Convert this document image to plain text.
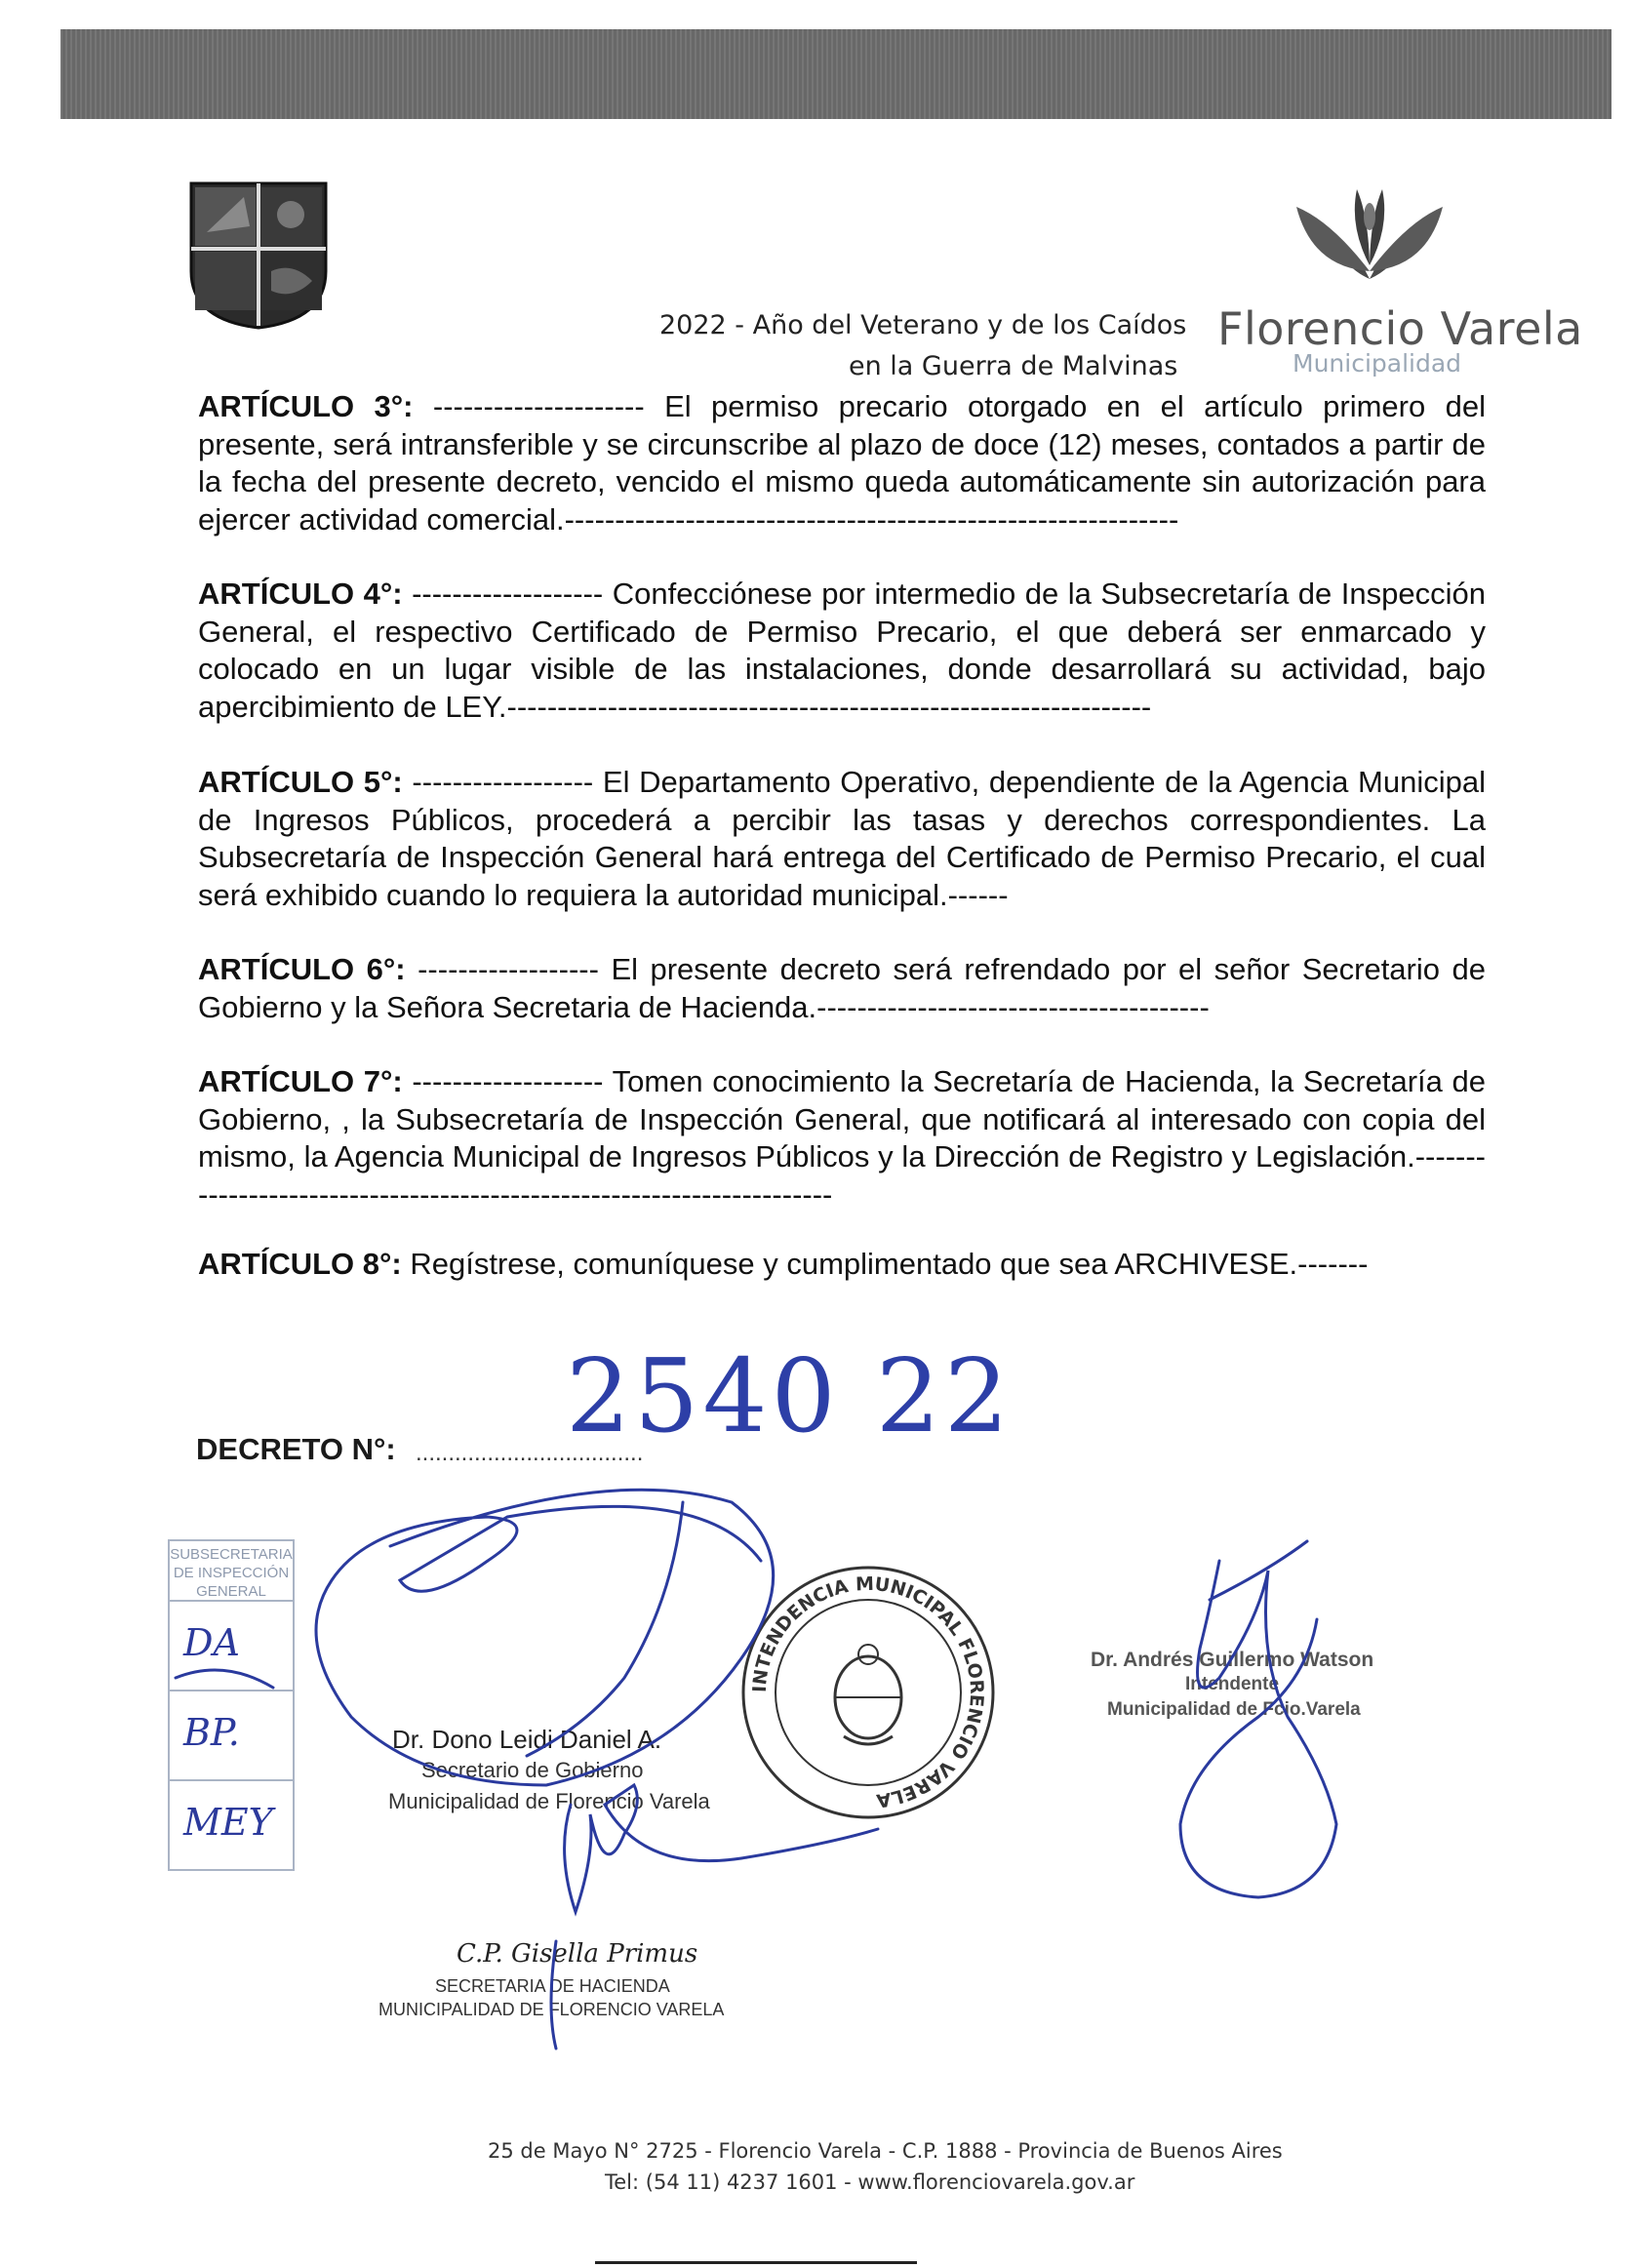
Florencio Varela
Municipalidad
2022 - Año del Veterano y de los Caídos
en la Guerra de Malvinas
ARTÍCULO 3°: --------------------- El permiso precario otorgado en el artículo primero del presente, será intransferible y se circunscribe al plazo de doce (12) meses, contados a partir de la fecha del presente decreto, vencido el mismo queda automáticamente sin autorización para ejercer actividad comercial.-------------------------------------------------------------
ARTÍCULO 4°: ------------------- Confecciónese por intermedio de la Subsecretaría de Inspección General, el respectivo Certificado de Permiso Precario, el que deberá ser enmarcado y colocado en un lugar visible de las instalaciones, donde desarrollará su actividad, bajo apercibimiento de LEY.----------------------------------------------------------------
ARTÍCULO 5°: ------------------ El Departamento Operativo, dependiente de la Agencia Municipal de Ingresos Públicos, procederá a percibir las tasas y derechos correspondientes. La Subsecretaría de Inspección General hará entrega del Certificado de Permiso Precario, el cual será exhibido cuando lo requiera la autoridad municipal.------
ARTÍCULO 6°: ------------------ El presente decreto será refrendado por el señor Secretario de Gobierno y la Señora Secretaria de Hacienda.---------------------------------------
ARTÍCULO 7°: ------------------- Tomen conocimiento la Secretaría de Hacienda, la Secretaría de Gobierno, , la Subsecretaría de Inspección General, que notificará al interesado con copia del mismo, la Agencia Municipal de Ingresos Públicos y la Dirección de Registro y Legislación.----------------------------------------------------------------------
ARTÍCULO 8°: Regístrese, comuníquese y cumplimentado que sea ARCHIVESE.-------
2540 22
DECRETO N°: ...................................
SUBSECRETARIA DE INSPECCIÓN GENERAL
DA
BP.
MEY
INTENDENCIA MUNICIPAL FLORENCIO VARELA
Dr. Dono Leidi Daniel A.
Secretario de Gobierno
Municipalidad de Florencio Varela
Dr. Andrés Guillermo Watson
Intendente
Municipalidad de Fcio.Varela
C.P. Gisella Primus
SECRETARIA DE HACIENDA
MUNICIPALIDAD DE FLORENCIO VARELA
25 de Mayo N° 2725 - Florencio Varela - C.P. 1888 - Provincia de Buenos Aires
Tel: (54 11) 4237 1601 - www.florenciovarela.gov.ar
